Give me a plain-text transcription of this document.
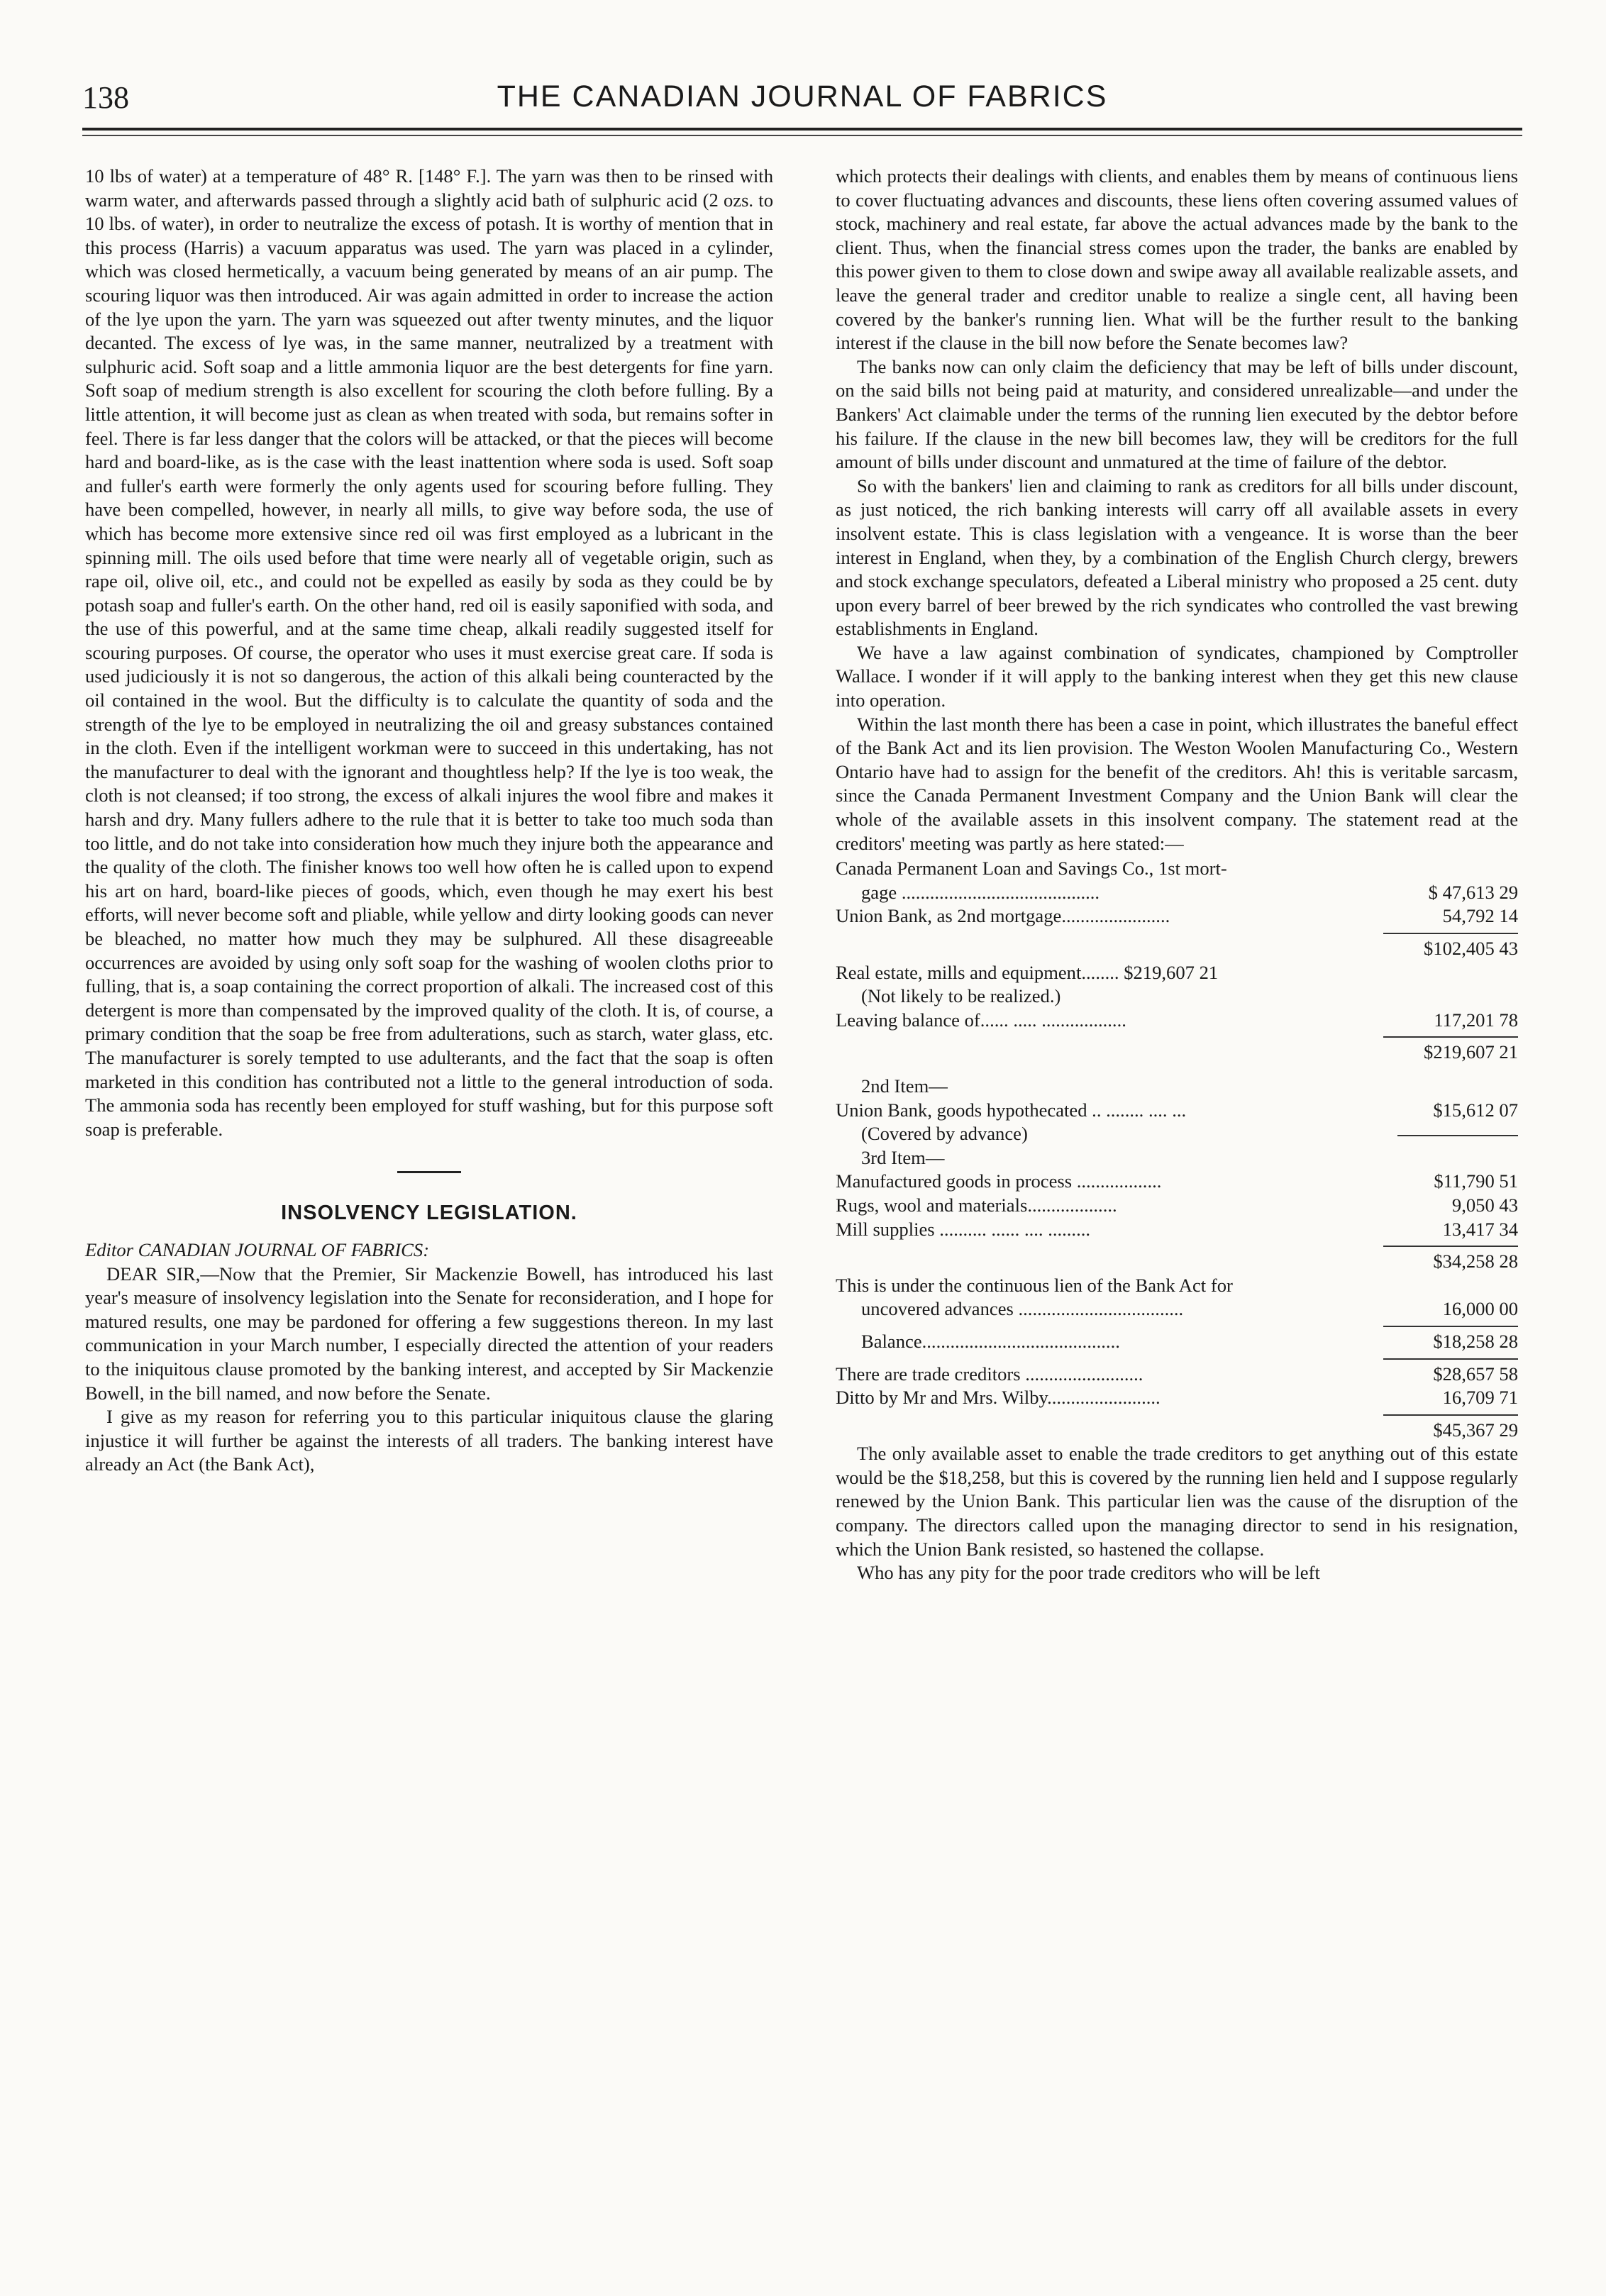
138	THE CANADIAN JOURNAL OF FABRICS

10 lbs of water) at a temperature of 48° R. [148° F.]. The yarn was then to be rinsed with warm water, and afterwards passed through a slightly acid bath of sulphuric acid (2 ozs. to 10 lbs. of water), in order to neutralize the excess of potash. It is worthy of mention that in this process (Harris) a vacuum apparatus was used. The yarn was placed in a cylinder, which was closed hermetically, a vacuum being generated by means of an air pump. The scouring liquor was then introduced. Air was again admitted in order to increase the action of the lye upon the yarn. The yarn was squeezed out after twenty minutes, and the liquor decanted. The excess of lye was, in the same manner, neutralized by a treatment with sulphuric acid. Soft soap and a little ammonia liquor are the best detergents for fine yarn. Soft soap of medium strength is also excellent for scouring the cloth before fulling. By a little attention, it will become just as clean as when treated with soda, but remains softer in feel. There is far less danger that the colors will be attacked, or that the pieces will become hard and board-like, as is the case with the least inattention where soda is used. Soft soap and fuller's earth were formerly the only agents used for scouring before fulling. They have been compelled, however, in nearly all mills, to give way before soda, the use of which has become more extensive since red oil was first employed as a lubricant in the spinning mill. The oils used before that time were nearly all of vegetable origin, such as rape oil, olive oil, etc., and could not be expelled as easily by soda as they could be by potash soap and fuller's earth. On the other hand, red oil is easily saponified with soda, and the use of this powerful, and at the same time cheap, alkali readily suggested itself for scouring purposes. Of course, the operator who uses it must exercise great care. If soda is used judiciously it is not so dangerous, the action of this alkali being counteracted by the oil contained in the wool. But the difficulty is to calculate the quantity of soda and the strength of the lye to be employed in neutralizing the oil and greasy substances contained in the cloth. Even if the intelligent workman were to succeed in this undertaking, has not the manufacturer to deal with the ignorant and thoughtless help? If the lye is too weak, the cloth is not cleansed; if too strong, the excess of alkali injures the wool fibre and makes it harsh and dry. Many fullers adhere to the rule that it is better to take too much soda than too little, and do not take into consideration how much they injure both the appearance and the quality of the cloth. The finisher knows too well how often he is called upon to expend his art on hard, board-like pieces of goods, which, even though he may exert his best efforts, will never become soft and pliable, while yellow and dirty looking goods can never be bleached, no matter how much they may be sulphured. All these disagreeable occurrences are avoided by using only soft soap for the washing of woolen cloths prior to fulling, that is, a soap containing the correct proportion of alkali. The increased cost of this detergent is more than compensated by the improved quality of the cloth. It is, of course, a primary condition that the soap be free from adulterations, such as starch, water glass, etc. The manufacturer is sorely tempted to use adulterants, and the fact that the soap is often marketed in this condition has contributed not a little to the general introduction of soda. The ammonia soda has recently been employed for stuff washing, but for this purpose soft soap is preferable.

INSOLVENCY LEGISLATION.

Editor CANADIAN JOURNAL OF FABRICS:

DEAR SIR,—Now that the Premier, Sir Mackenzie Bowell, has introduced his last year's measure of insolvency legislation into the Senate for reconsideration, and I hope for matured results, one may be pardoned for offering a few suggestions thereon. In my last communication in your March number, I especially directed the attention of your readers to the iniquitous clause promoted by the banking interest, and accepted by Sir Mackenzie Bowell, in the bill named, and now before the Senate.

I give as my reason for referring you to this particular iniquitous clause the glaring injustice it will further be against the interests of all traders. The banking interest have already an Act (the Bank Act),

which protects their dealings with clients, and enables them by means of continuous liens to cover fluctuating advances and discounts, these liens often covering assumed values of stock, machinery and real estate, far above the actual advances made by the bank to the client. Thus, when the financial stress comes upon the trader, the banks are enabled by this power given to them to close down and swipe away all available realizable assets, and leave the general trader and creditor unable to realize a single cent, all having been covered by the banker's running lien. What will be the further result to the banking interest if the clause in the bill now before the Senate becomes law?

The banks now can only claim the deficiency that may be left of bills under discount, on the said bills not being paid at maturity, and considered unrealizable—and under the Bankers' Act claimable under the terms of the running lien executed by the debtor before his failure. If the clause in the new bill becomes law, they will be creditors for the full amount of bills under discount and unmatured at the time of failure of the debtor.

So with the bankers' lien and claiming to rank as creditors for all bills under discount, as just noticed, the rich banking interests will carry off all available assets in every insolvent estate. This is class legislation with a vengeance. It is worse than the beer interest in England, when they, by a combination of the English Church clergy, brewers and stock exchange speculators, defeated a Liberal ministry who proposed a 25 cent. duty upon every barrel of beer brewed by the rich syndicates who controlled the vast brewing establishments in England.

We have a law against combination of syndicates, championed by Comptroller Wallace. I wonder if it will apply to the banking interest when they get this new clause into operation.

Within the last month there has been a case in point, which illustrates the baneful effect of the Bank Act and its lien provision. The Weston Woolen Manufacturing Co., Western Ontario have had to assign for the benefit of the creditors. Ah! this is veritable sarcasm, since the Canada Permanent Investment Company and the Union Bank will clear the whole of the available assets in this insolvent company. The statement read at the creditors' meeting was partly as here stated:—

Canada Permanent Loan and Savings Co., 1st mort-
gage ..........................................	$ 47,613 29
Union Bank, as 2nd mortgage.......................	54,792 14
$102,405 43
Real estate, mills and equipment........ $219,607 21
(Not likely to be realized.)
Leaving balance of...... ..... ..................	117,201 78
$219,607 21
2nd Item—
Union Bank, goods hypothecated .. ........ .... ...	$15,612 07
(Covered by advance)
3rd Item—
Manufactured goods in process ..................	$11,790 51
Rugs, wool and materials...................	9,050 43
Mill supplies .......... ...... .... .........	13,417 34
$34,258 28
This is under the continuous lien of the Bank Act for
uncovered advances ...................................	16,000 00
Balance..........................................	$18,258 28
There are trade creditors .........................	$28,657 58
Ditto by Mr and Mrs. Wilby........................	16,709 71
$45,367 29

The only available asset to enable the trade creditors to get anything out of this estate would be the $18,258, but this is covered by the running lien held and I suppose regularly renewed by the Union Bank. This particular lien was the cause of the disruption of the company. The directors called upon the managing director to send in his resignation, which the Union Bank resisted, so hastened the collapse.

Who has any pity for the poor trade creditors who will be left
